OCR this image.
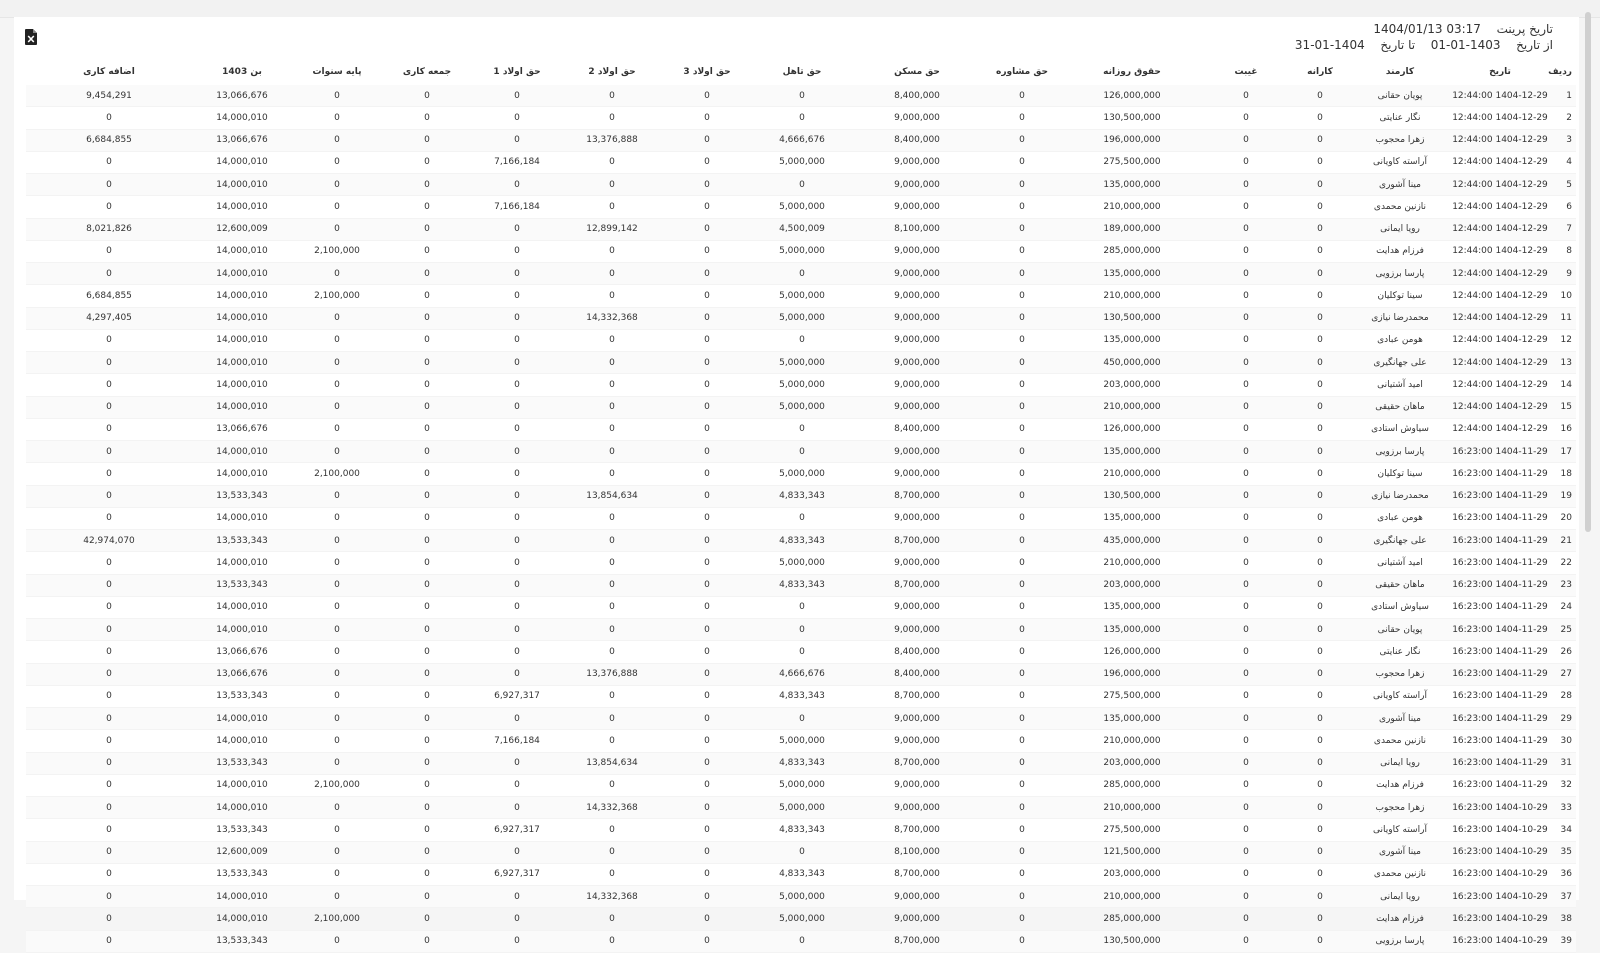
تاریخ پرینت  1404/01/13 03:17
از تاریخ  1403-01-01  تا تاریخ  1404-01-31
ردیف	تاریخ	کارمند	کارانه	غیبت	حقوق روزانه	حق مشاوره	حق مسکن	حق تاهل	حق اولاد 3	حق اولاد 2	حق اولاد 1	جمعه کاری	پایه سنوات	بن 1403	اضافه کاری
1	1404-12-29 12:44:00	پویان حقانی	0	0	126,000,000	0	8,400,000	0	0	0	0	0	0	13,066,676	9,454,291
2	1404-12-29 12:44:00	نگار عنایتی	0	0	130,500,000	0	9,000,000	0	0	0	0	0	0	14,000,010	0
3	1404-12-29 12:44:00	زهرا محجوب	0	0	196,000,000	0	8,400,000	4,666,676	0	13,376,888	0	0	0	13,066,676	6,684,855
4	1404-12-29 12:44:00	آراسته کاویانی	0	0	275,500,000	0	9,000,000	5,000,000	0	0	7,166,184	0	0	14,000,010	0
5	1404-12-29 12:44:00	مینا آشوری	0	0	135,000,000	0	9,000,000	0	0	0	0	0	0	14,000,010	0
6	1404-12-29 12:44:00	نازنین محمدی	0	0	210,000,000	0	9,000,000	5,000,000	0	0	7,166,184	0	0	14,000,010	0
7	1404-12-29 12:44:00	رویا ایمانی	0	0	189,000,000	0	8,100,000	4,500,009	0	12,899,142	0	0	0	12,600,009	8,021,826
8	1404-12-29 12:44:00	فرزام هدایت	0	0	285,000,000	0	9,000,000	5,000,000	0	0	0	0	2,100,000	14,000,010	0
9	1404-12-29 12:44:00	پارسا برزویی	0	0	135,000,000	0	9,000,000	0	0	0	0	0	0	14,000,010	0
10	1404-12-29 12:44:00	سینا توکلیان	0	0	210,000,000	0	9,000,000	5,000,000	0	0	0	0	2,100,000	14,000,010	6,684,855
11	1404-12-29 12:44:00	محمدرضا نیازی	0	0	130,500,000	0	9,000,000	5,000,000	0	14,332,368	0	0	0	14,000,010	4,297,405
12	1404-12-29 12:44:00	هومن عبادی	0	0	135,000,000	0	9,000,000	0	0	0	0	0	0	14,000,010	0
13	1404-12-29 12:44:00	علی جهانگیری	0	0	450,000,000	0	9,000,000	5,000,000	0	0	0	0	0	14,000,010	0
14	1404-12-29 12:44:00	امید آشتیانی	0	0	203,000,000	0	9,000,000	5,000,000	0	0	0	0	0	14,000,010	0
15	1404-12-29 12:44:00	ماهان حقیقی	0	0	210,000,000	0	9,000,000	5,000,000	0	0	0	0	0	14,000,010	0
16	1404-12-29 12:44:00	سیاوش استادی	0	0	126,000,000	0	8,400,000	0	0	0	0	0	0	13,066,676	0
17	1404-11-29 16:23:00	پارسا برزویی	0	0	135,000,000	0	9,000,000	0	0	0	0	0	0	14,000,010	0
18	1404-11-29 16:23:00	سینا توکلیان	0	0	210,000,000	0	9,000,000	5,000,000	0	0	0	0	2,100,000	14,000,010	0
19	1404-11-29 16:23:00	محمدرضا نیازی	0	0	130,500,000	0	8,700,000	4,833,343	0	13,854,634	0	0	0	13,533,343	0
20	1404-11-29 16:23:00	هومن عبادی	0	0	135,000,000	0	9,000,000	0	0	0	0	0	0	14,000,010	0
21	1404-11-29 16:23:00	علی جهانگیری	0	0	435,000,000	0	8,700,000	4,833,343	0	0	0	0	0	13,533,343	42,974,070
22	1404-11-29 16:23:00	امید آشتیانی	0	0	210,000,000	0	9,000,000	5,000,000	0	0	0	0	0	14,000,010	0
23	1404-11-29 16:23:00	ماهان حقیقی	0	0	203,000,000	0	8,700,000	4,833,343	0	0	0	0	0	13,533,343	0
24	1404-11-29 16:23:00	سیاوش استادی	0	0	135,000,000	0	9,000,000	0	0	0	0	0	0	14,000,010	0
25	1404-11-29 16:23:00	پویان حقانی	0	0	135,000,000	0	9,000,000	0	0	0	0	0	0	14,000,010	0
26	1404-11-29 16:23:00	نگار عنایتی	0	0	126,000,000	0	8,400,000	0	0	0	0	0	0	13,066,676	0
27	1404-11-29 16:23:00	زهرا محجوب	0	0	196,000,000	0	8,400,000	4,666,676	0	13,376,888	0	0	0	13,066,676	0
28	1404-11-29 16:23:00	آراسته کاویانی	0	0	275,500,000	0	8,700,000	4,833,343	0	0	6,927,317	0	0	13,533,343	0
29	1404-11-29 16:23:00	مینا آشوری	0	0	135,000,000	0	9,000,000	0	0	0	0	0	0	14,000,010	0
30	1404-11-29 16:23:00	نازنین محمدی	0	0	210,000,000	0	9,000,000	5,000,000	0	0	7,166,184	0	0	14,000,010	0
31	1404-11-29 16:23:00	رویا ایمانی	0	0	203,000,000	0	8,700,000	4,833,343	0	13,854,634	0	0	0	13,533,343	0
32	1404-11-29 16:23:00	فرزام هدایت	0	0	285,000,000	0	9,000,000	5,000,000	0	0	0	0	2,100,000	14,000,010	0
33	1404-10-29 16:23:00	زهرا محجوب	0	0	210,000,000	0	9,000,000	5,000,000	0	14,332,368	0	0	0	14,000,010	0
34	1404-10-29 16:23:00	آراسته کاویانی	0	0	275,500,000	0	8,700,000	4,833,343	0	0	6,927,317	0	0	13,533,343	0
35	1404-10-29 16:23:00	مینا آشوری	0	0	121,500,000	0	8,100,000	0	0	0	0	0	0	12,600,009	0
36	1404-10-29 16:23:00	نازنین محمدی	0	0	203,000,000	0	8,700,000	4,833,343	0	0	6,927,317	0	0	13,533,343	0
37	1404-10-29 16:23:00	رویا ایمانی	0	0	210,000,000	0	9,000,000	5,000,000	0	14,332,368	0	0	0	14,000,010	0
38	1404-10-29 16:23:00	فرزام هدایت	0	0	285,000,000	0	9,000,000	5,000,000	0	0	0	0	2,100,000	14,000,010	0
39	1404-10-29 16:23:00	پارسا برزویی	0	0	130,500,000	0	8,700,000	0	0	0	0	0	0	13,533,343	0
